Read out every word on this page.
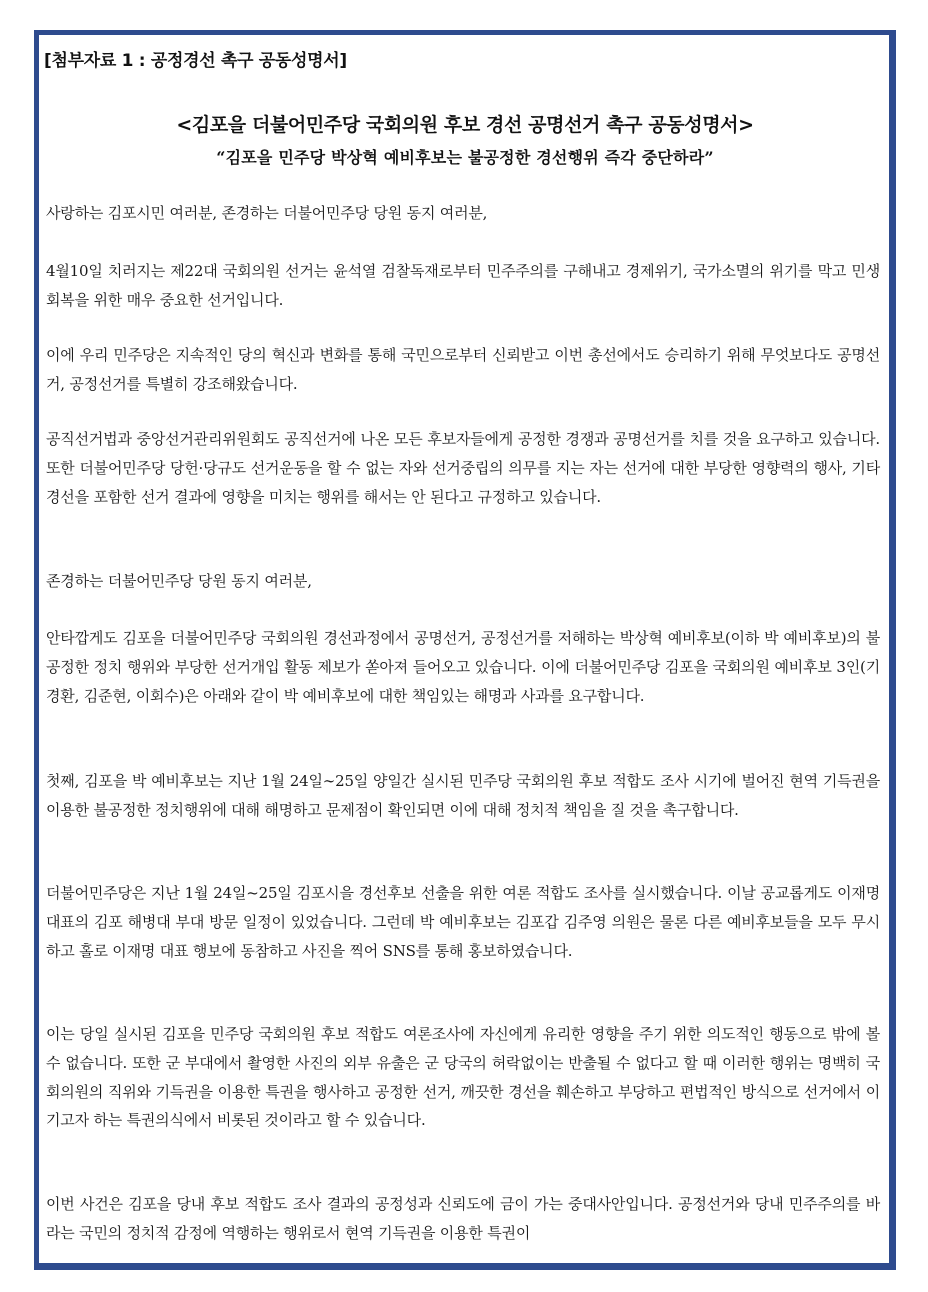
[첨부자료 1 : 공정경선 촉구 공동성명서]
<김포을 더불어민주당 국회의원 후보 경선 공명선거 촉구 공동성명서>
“김포을 민주당 박상혁 예비후보는 불공정한 경선행위 즉각 중단하라”
사랑하는 김포시민 여러분, 존경하는 더불어민주당 당원 동지 여러분,
4월10일 치러지는 제22대 국회의원 선거는 윤석열 검찰독재로부터 민주주의를 구해내고 경제위기, 국가소멸의 위기를 막고 민생 회복을 위한 매우 중요한 선거입니다.
이에 우리 민주당은 지속적인 당의 혁신과 변화를 통해 국민으로부터 신뢰받고 이번 총선에서도 승리하기 위해 무엇보다도 공명선거, 공정선거를 특별히 강조해왔습니다.
공직선거법과 중앙선거관리위원회도 공직선거에 나온 모든 후보자들에게 공정한 경쟁과 공명선거를 치를 것을 요구하고 있습니다. 또한 더불어민주당 당헌·당규도 선거운동을 할 수 없는 자와 선거중립의 의무를 지는 자는 선거에 대한 부당한 영향력의 행사, 기타 경선을 포함한 선거 결과에 영향을 미치는 행위를 해서는 안 된다고 규정하고 있습니다.
존경하는 더불어민주당 당원 동지 여러분,
안타깝게도 김포을 더불어민주당 국회의원 경선과정에서 공명선거, 공정선거를 저해하는 박상혁 예비후보(이하 박 예비후보)의 불공정한 정치 행위와 부당한 선거개입 활동 제보가 쏟아져 들어오고 있습니다. 이에 더불어민주당 김포을 국회의원 예비후보 3인(기경환, 김준현, 이회수)은 아래와 같이 박 예비후보에 대한 책임있는 해명과 사과를 요구합니다.
첫째, 김포을 박 예비후보는 지난 1월 24일∼25일 양일간 실시된 민주당 국회의원 후보 적합도 조사 시기에 벌어진 현역 기득권을 이용한 불공정한 정치행위에 대해 해명하고 문제점이 확인되면 이에 대해 정치적 책임을 질 것을 촉구합니다.
더불어민주당은 지난 1월 24일~25일 김포시을 경선후보 선출을 위한 여론 적합도 조사를 실시했습니다. 이날 공교롭게도 이재명 대표의 김포 해병대 부대 방문 일정이 있었습니다. 그런데 박 예비후보는 김포갑 김주영 의원은 물론 다른 예비후보들을 모두 무시하고 홀로 이재명 대표 행보에 동참하고 사진을 찍어 SNS를 통해 홍보하였습니다.
이는 당일 실시된 김포을 민주당 국회의원 후보 적합도 여론조사에 자신에게 유리한 영향을 주기 위한 의도적인 행동으로 밖에 볼 수 없습니다. 또한 군 부대에서 촬영한 사진의 외부 유출은 군 당국의 허락없이는 반출될 수 없다고 할 때 이러한 행위는 명백히 국회의원의 직위와 기득권을 이용한 특권을 행사하고 공정한 선거, 깨끗한 경선을 훼손하고 부당하고 편법적인 방식으로 선거에서 이기고자 하는 특권의식에서 비롯된 것이라고 할 수 있습니다.
이번 사건은 김포을 당내 후보 적합도 조사 결과의 공정성과 신뢰도에 금이 가는 중대사안입니다. 공정선거와 당내 민주주의를 바라는 국민의 정치적 감정에 역행하는 행위로서 현역 기득권을 이용한 특권이
